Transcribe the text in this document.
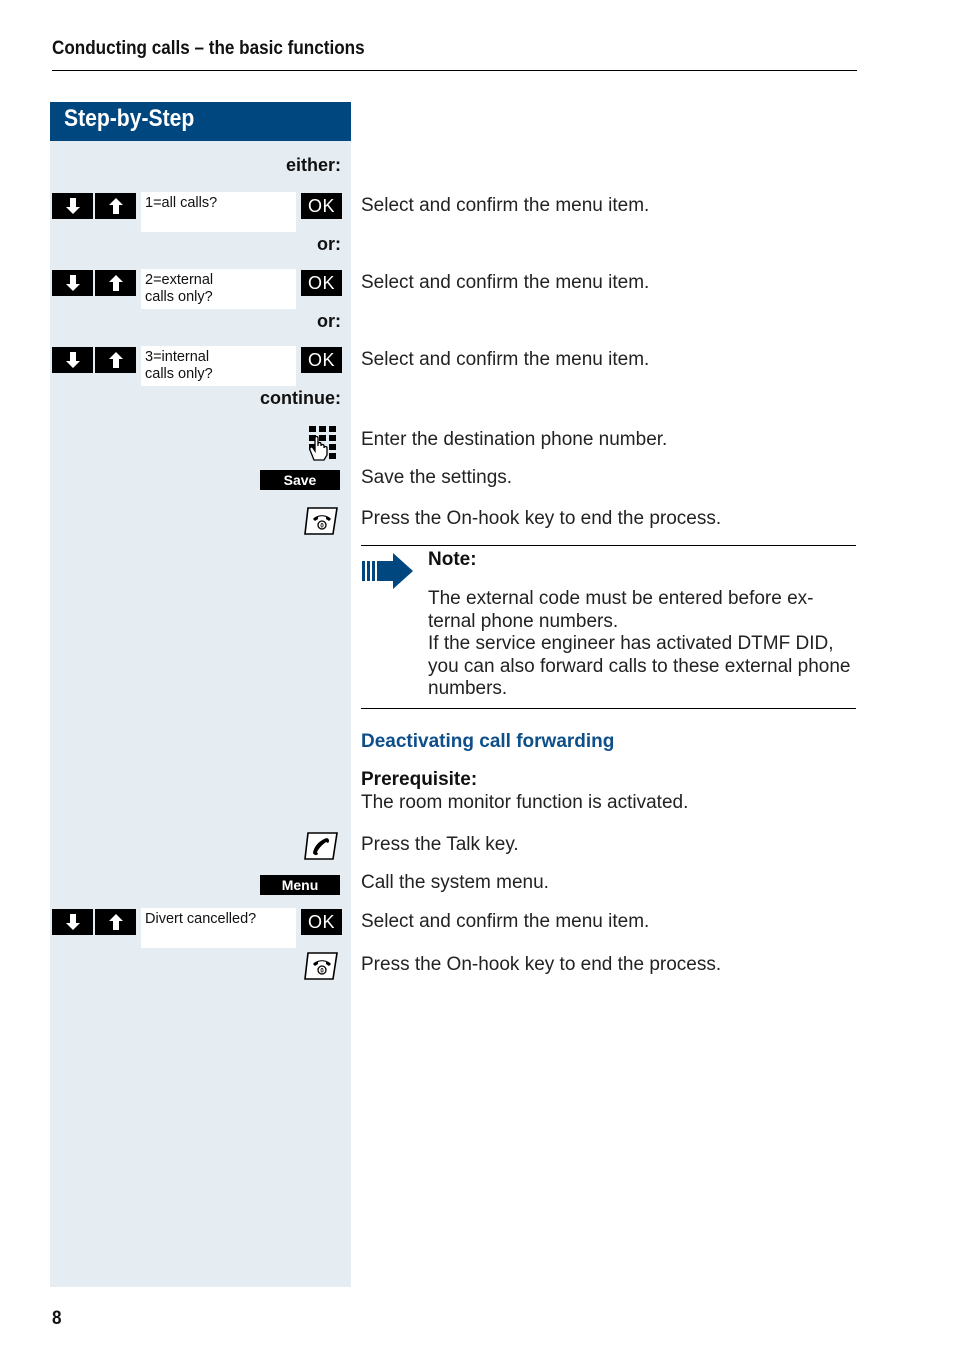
Conducting calls – the basic functions
Step-by-Step
either:
1=all calls?	OK	Select and confirm the menu item.
or:
2=external
calls only?
OK	Select and confirm the menu item.
or:
3=internal
calls only?
OK	Select and confirm the menu item.
continue:
Enter the destination phone number.
Save	Save the settings.
0 Press the On-hook key to end the process.
Note:

The external code must be entered before ex-ternal phone numbers.

If the service engineer has activated DTMF DID, you can also forward calls to these external phone numbers.

Deactivating call forwarding
Prerequisite:
The room monitor function is activated.
Press the Talk key.
Menu	Call the system menu.
Divert cancelled?	OK	Select and confirm the menu item.
0 Press the On-hook key to end the process.
8
